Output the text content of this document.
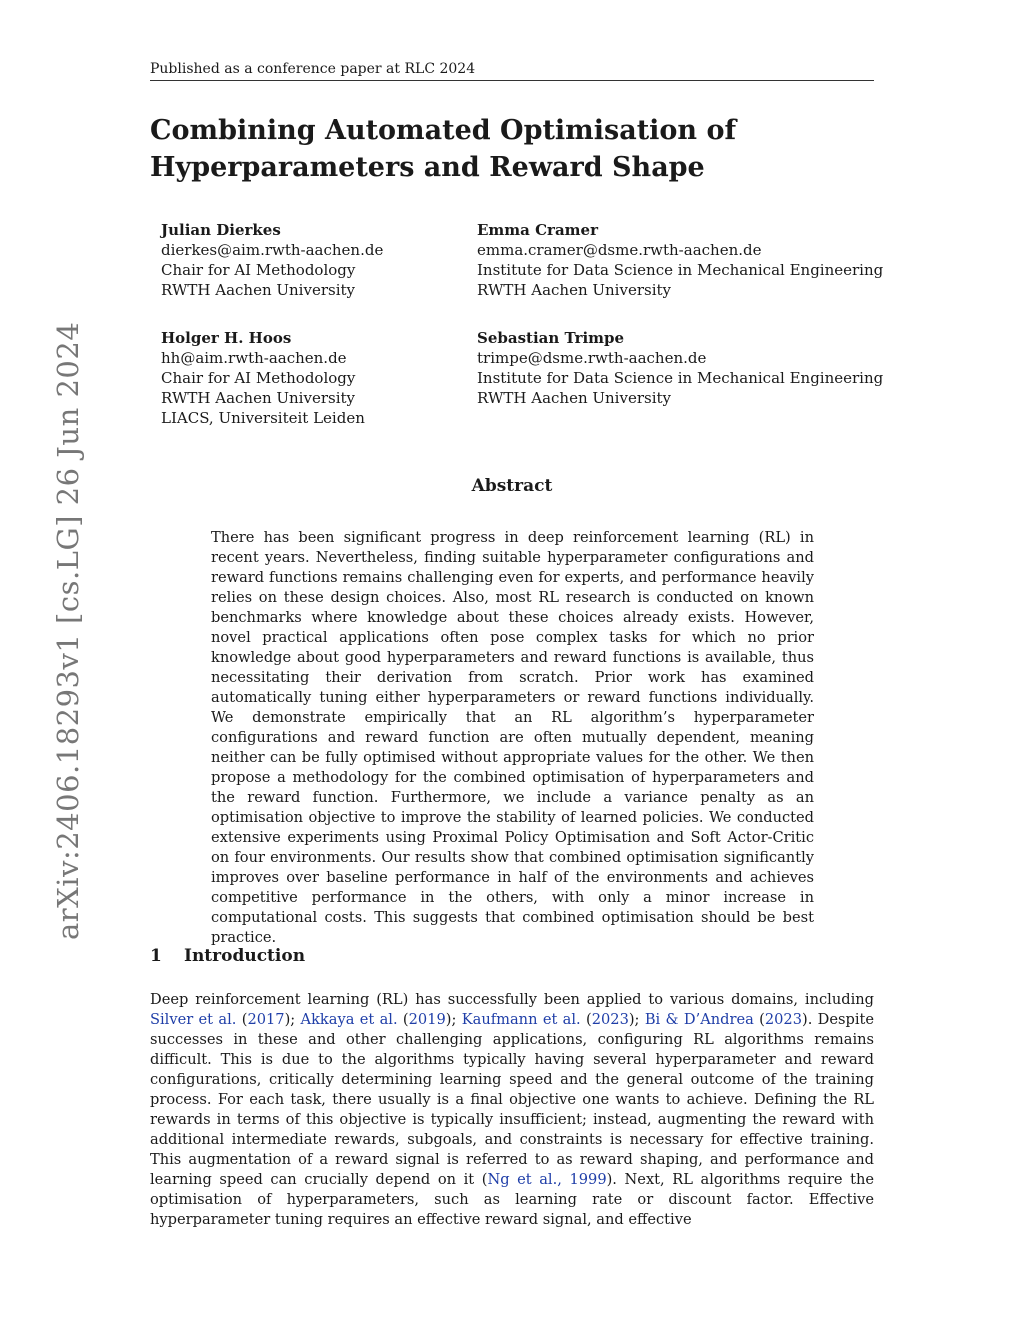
Published as a conference paper at RLC 2024
Combining Automated Optimisation of
Hyperparameters and Reward Shape
Julian Dierkes
dierkes@aim.rwth-aachen.de
Chair for AI Methodology
RWTH Aachen University
Emma Cramer
emma.cramer@dsme.rwth-aachen.de
Institute for Data Science in Mechanical Engineering
RWTH Aachen University
Holger H. Hoos
hh@aim.rwth-aachen.de
Chair for AI Methodology
RWTH Aachen University
LIACS, Universiteit Leiden
Sebastian Trimpe
trimpe@dsme.rwth-aachen.de
Institute for Data Science in Mechanical Engineering
RWTH Aachen University
arXiv:2406.18293v1 [cs.LG] 26 Jun 2024	Abstract

There has been significant progress in deep reinforcement learning (RL) in recent years. Nevertheless, finding suitable hyperparameter configurations and reward functions remains challenging even for experts, and performance heavily relies on these design choices. Also, most RL research is conducted on known benchmarks where knowledge about these choices already exists. However, novel practical applications often pose complex tasks for which no prior knowledge about good hyperparameters and reward functions is available, thus necessitating their derivation from scratch. Prior work has examined automatically tuning either hyperparameters or reward functions individually. We demonstrate empirically that an RL algorithm’s hyperparameter configurations and reward function are often mutually dependent, meaning neither can be fully optimised without appropriate values for the other. We then propose a methodology for the combined optimisation of hyperparameters and the reward function. Furthermore, we include a variance penalty as an optimisation objective to improve the stability of learned policies. We conducted extensive experiments using Proximal Policy Optimisation and Soft Actor-Critic on four environments. Our results show that combined optimisation significantly improves over baseline performance in half of the environments and achieves competitive performance in the others, with only a minor increase in computational costs. This suggests that combined optimisation should be best practice.

1 Introduction

Deep reinforcement learning (RL) has successfully been applied to various domains, including Silver et al. (2017); Akkaya et al. (2019); Kaufmann et al. (2023); Bi & D’Andrea (2023). Despite successes in these and other challenging applications, configuring RL algorithms remains difficult. This is due to the algorithms typically having several hyperparameter and reward configurations, critically determining learning speed and the general outcome of the training process. For each task, there usually is a final objective one wants to achieve. Defining the RL rewards in terms of this objective is typically insufficient; instead, augmenting the reward with additional intermediate rewards, subgoals, and constraints is necessary for effective training. This augmentation of a reward signal is referred to as reward shaping, and performance and learning speed can crucially depend on it (Ng et al., 1999). Next, RL algorithms require the optimisation of hyperparameters, such as learning rate or discount factor. Effective hyperparameter tuning requires an effective reward signal, and effective
